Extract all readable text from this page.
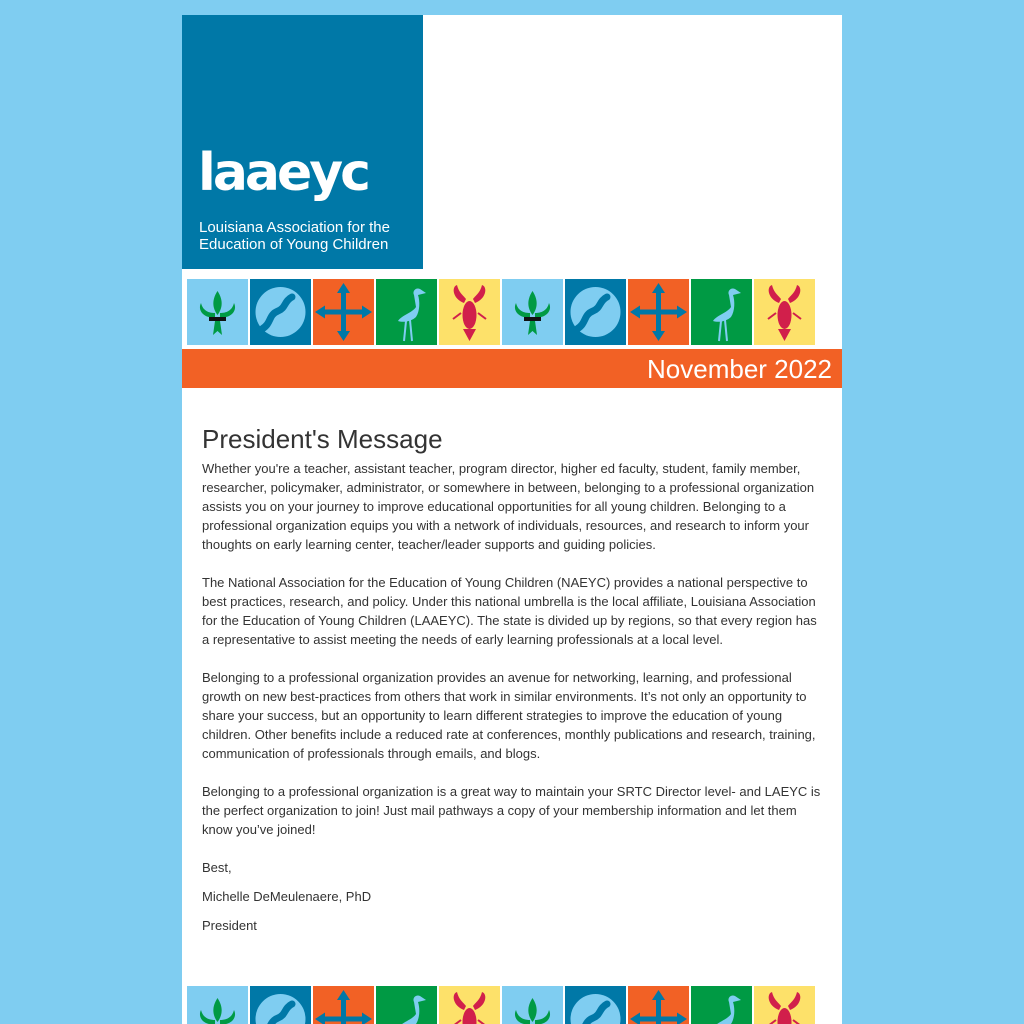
laaeyc
Louisiana Association for the Education of Young Children
November 2022
President's Message

Whether you're a teacher, assistant teacher, program director, higher ed faculty, student, family member, researcher, policymaker, administrator, or somewhere in between, belonging to a professional organization assists you on your journey to improve educational opportunities for all young children. Belonging to a professional organization equips you with a network of individuals, resources, and research to inform your thoughts on early learning center, teacher/leader supports and guiding policies.

The National Association for the Education of Young Children (NAEYC) provides a national perspective to best practices, research, and policy. Under this national umbrella is the local affiliate, Louisiana Association for the Education of Young Children (LAAEYC). The state is divided up by regions, so that every region has a representative to assist meeting the needs of early learning professionals at a local level.

Belonging to a professional organization provides an avenue for networking, learning, and professional growth on new best-practices from others that work in similar environments. It’s not only an opportunity to share your success, but an opportunity to learn different strategies to improve the education of young children. Other benefits include a reduced rate at conferences, monthly publications and research, training, communication of professionals through emails, and blogs.

Belonging to a professional organization is a great way to maintain your SRTC Director level- and LAEYC is the perfect organization to join! Just mail pathways a copy of your membership information and let them know you’ve joined!

Best,

Michelle DeMeulenaere, PhD

President
